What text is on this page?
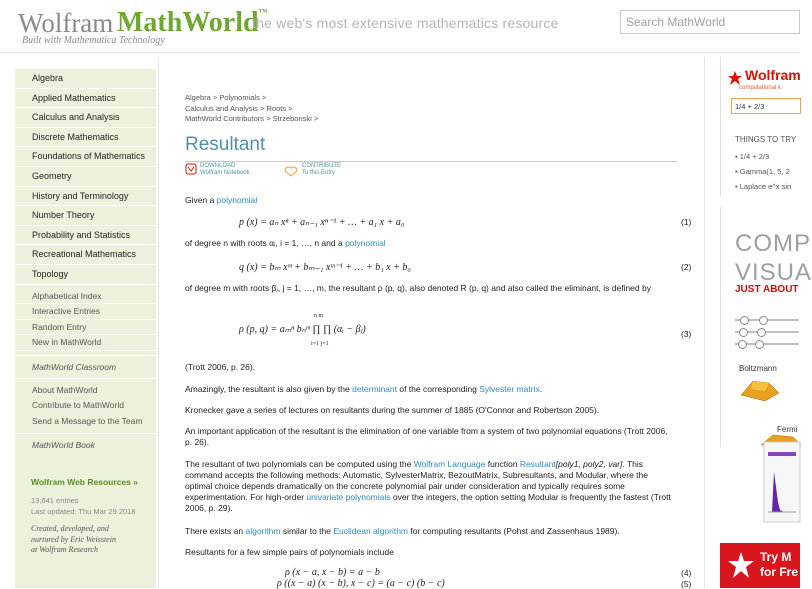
Wolfram MathWorld™
the web's most extensive mathematics resource
Built with Mathematica Technology
Search MathWorld
Algebra
Applied Mathematics
Calculus and Analysis
Discrete Mathematics
Foundations of Mathematics
Geometry
History and Terminology
Number Theory
Probability and Statistics
Recreational Mathematics
Topology
Alphabetical Index
Interactive Entries
Random Entry
New in MathWorld
MathWorld Classroom
About MathWorld
Contribute to MathWorld
Send a Message to the Team
MathWorld Book
Wolfram Web Resources »
13,641 entries
Last updated: Thu Mar 29 2018
Created, developed, and
nurtured by Eric Weisstein
at Wolfram Research
Algebra > Polynomials >
Calculus and Analysis > Roots >
MathWorld Contributors > Strzebonski >
Resultant
DOWNLOAD
Wolfram Notebook
CONTRIBUTE
To this Entry
Given a polynomial
p (x) = aₙ xⁿ + aₙ₋₁ xⁿ⁻¹ + … + a₁ x + a₀	(1)
of degree n with roots αᵢ, i = 1, …, n and a polynomial
q (x) = bₘ xᵐ + bₘ₋₁ xᵐ⁻¹ + … + b₁ x + b₀	(2)
of degree m with roots βⱼ, j = 1, …, m, the resultant ρ (p, q), also denoted R (p, q) and also called the eliminant, is defined by
ρ (p, q) = aₘⁿ bₙᵐ ∏ ∏ (αᵢ − βⱼ)
n m
i=1 j=1
(3)
(Trott 2006, p. 26).
Amazingly, the resultant is also given by the determinant of the corresponding Sylvester matrix.
Kronecker gave a series of lectures on resultants during the summer of 1885 (O'Connor and Robertson 2005).
An important application of the resultant is the elimination of one variable from a system of two polynomial equations (Trott 2006, p. 26).
The resultant of two polynomials can be computed using the Wolfram Language function Resultant[poly1, poly2, var]. This command accepts the following methods: Automatic, SylvesterMatrix, BezoutMatrix, Subresultants, and Modular, where the optimal choice depends dramatically on the concrete polynomial pair under consideration and typically requires some experimentation. For high-order univariate polynomials over the integers, the option setting Modular is frequently the fastest (Trott 2006, p. 29).
There exists an algorithm similar to the Euclidean algorithm for computing resultants (Pohst and Zassenhaus 1989).
Resultants for a few simple pairs of polynomials include
ρ (x − a, x − b) = a − b	(4)
ρ ((x − a) (x − b), x − c) = (a − c) (b − c)	(5)
Wolfram
computational k
1/4 + 2/3
THINGS TO TRY
▪ 1/4 + 2/3
▪ Gamma(1, 5, 2
▪ Laplace e^x sin
COMP
VISUA
JUST ABOUT
Boltzmann
Fermi
Try M
for Fre
